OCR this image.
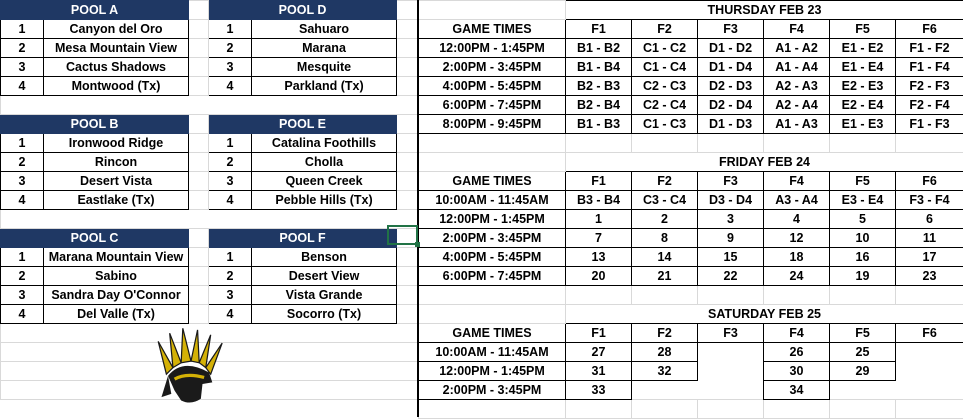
POOL A			POOL D		
1	Canyon del Oro		1	Sahuaro	
2	Mesa Mountain View		2	Marana	
3	Cactus Shadows		3	Mesquite	
4	Montwood (Tx)		4	Parkland (Tx)	

POOL B			POOL E		
1	Ironwood Ridge		1	Catalina Foothills	
2	Rincon		2	Cholla	
3	Desert Vista		3	Queen Creek	
4	Eastlake (Tx)		4	Pebble Hills (Tx)	

POOL C			POOL F		
1	Marana Mountain View		1	Benson	
2	Sabino		2	Desert View	
3	Sandra Day O'Connor		3	Vista Grande	
4	Del Valle (Tx)		4	Socorro (Tx)	

	THURSDAY FEB 23					
GAME TIMES	F1	F2	F3	F4	F5	F6
12:00PM - 1:45PM	B1 - B2	C1 - C2	D1 - D2	A1 - A2	E1 - E2	F1 - F2
2:00PM - 3:45PM	B1 - B4	C1 - C4	D1 - D4	A1 - A4	E1 - E4	F1 - F4
4:00PM - 5:45PM	B2 - B3	C2 - C3	D2 - D3	A2 - A3	E2 - E3	F2 - F3
6:00PM - 7:45PM	B2 - B4	C2 - C4	D2 - D4	A2 - A4	E2 - E4	F2 - F4
8:00PM - 9:45PM	B1 - B3	C1 - C3	D1 - D3	A1 - A3	E1 - E3	F1 - F3

	FRIDAY FEB 24					
GAME TIMES	F1	F2	F3	F4	F5	F6
10:00AM - 11:45AM	B3 - B4	C3 - C4	D3 - D4	A3 - A4	E3 - E4	F3 - F4
12:00PM - 1:45PM	1	2	3	4	5	6
2:00PM - 3:45PM	7	8	9	12	10	11
4:00PM - 5:45PM	13	14	15	18	16	17
6:00PM - 7:45PM	20	21	22	24	19	23

	SATURDAY FEB 25					
GAME TIMES	F1	F2	F3	F4	F5	F6
10:00AM - 11:45AM	27	28		26	25	
12:00PM - 1:45PM	31	32		30	29	
2:00PM - 3:45PM	33			34		
